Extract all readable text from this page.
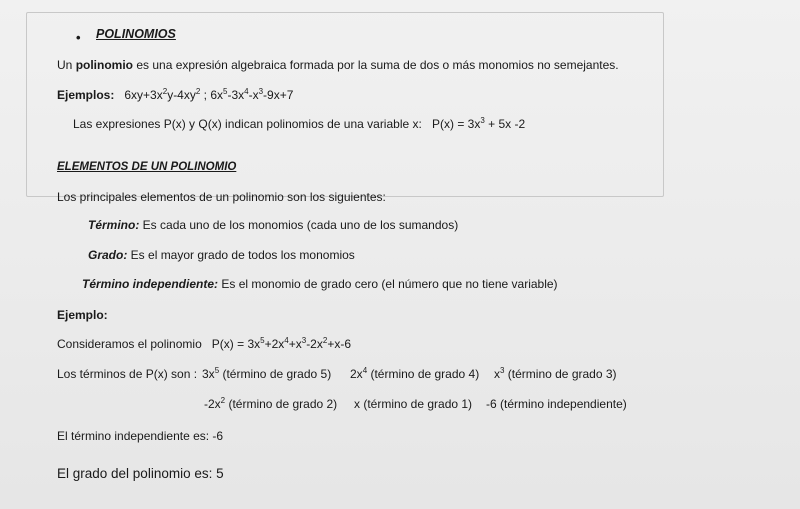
• POLINOMIOS
Un polinomio es una expresión algebraica formada por la suma de dos o más monomios no semejantes.
Ejemplos: $6xy+3x^2y-4xy^2$ ; $6x^5-3x^4-x^3-9x+7$
Las expresiones P(x) y Q(x) indican polinomios de una variable x: $P(x) = 3x^3 + 5x$ -2
ELEMENTOS DE UN POLINOMIO
Los principales elementos de un polinomio son los siguientes:
Término: Es cada uno de los monomios (cada uno de los sumandos)
Grado: Es el mayor grado de todos los monomios
Término independiente: Es el monomio de grado cero (el número que no tiene variable)
Ejemplo:
Consideramos el polinomio $P(x) = 3x^5+2x^4+x^3-2x^2+x-6$
Los términos de P(x) son : $3x^5$ (término de grado 5) $2x^4$ (término de grado 4) $x^3$ (término de grado 3)
$-2x^2$ (término de grado 2) x (término de grado 1) -6 (término independiente)
El término independiente es: -6
El grado del polinomio es: 5
